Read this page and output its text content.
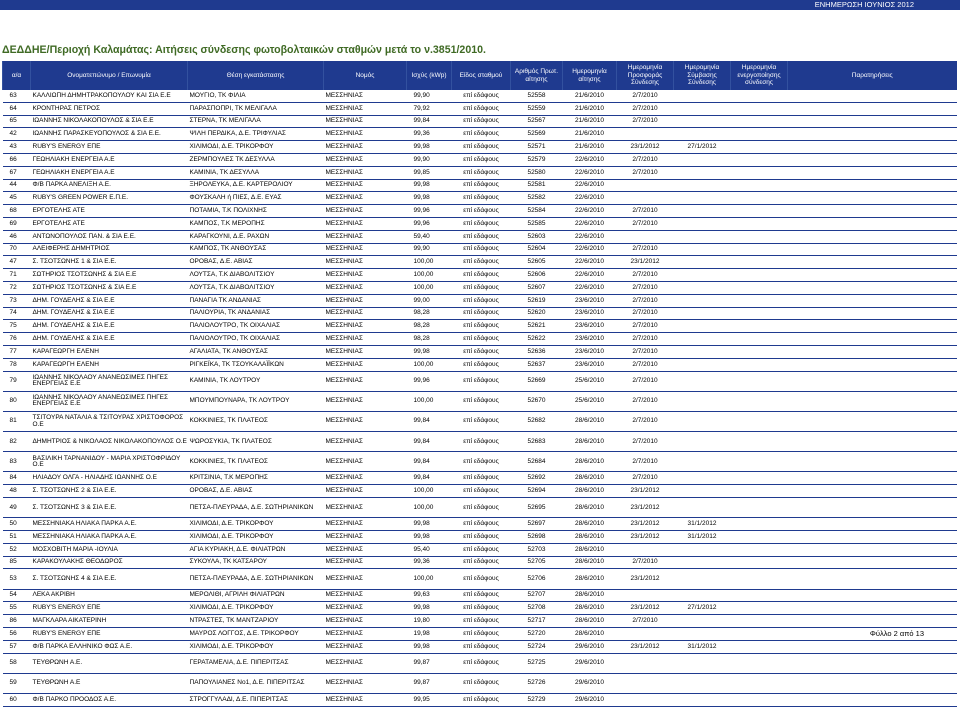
ΕΝΗΜΕΡΩΣΗ ΙΟΥΝΙΟΣ 2012
ΔΕΔΔΗΕ/Περιοχή Καλαμάτας: Αιτήσεις σύνδεσης φωτοβολταικών σταθμών μετά το ν.3851/2010.
α/α	Ονοματεπώνυμο / Επωνυμία	Θέση εγκατάστασης	Νομός	Ισχύς (kWp)	Είδος σταθμού	Αριθμός Πρωτ. αίτησης	Ημερομηνία αίτησης	Ημερομηνία Προσφοράς Σύνδεσης	Ημερομηνία Σύμβασης Σύνδεσης	Ημερομηνία ενεργοποίησης σύνδεσης	Παρατηρήσεις
63	ΚΑΛΛΙΩΠΗ ΔΗΜΗΤΡΑΚΟΠΟΥΛΟΥ ΚΑΙ ΣΙΑ Ε.Ε	ΜΟΥΓΙΟ, ΤΚ ΦΙΛΙΑ	ΜΕΣΣΗΝΙΑΣ	99,90	επί εδάφους	52558	21/6/2010	2/7/2010			
64	ΚΡΟΝΤΗΡΑΣ ΠΕΤΡΟΣ	ΠΑΡΑΣΠΟΠΡΙ, ΤΚ ΜΕΛΙΓΑΛΑ	ΜΕΣΣΗΝΙΑΣ	79,92	επί εδάφους	52559	21/6/2010	2/7/2010			
65	ΙΩΑΝΝΗΣ ΝΙΚΟΛΑΚΟΠΟΥΛΟΣ & ΣΙΑ Ε.Ε	ΣΤΕΡΝΑ, ΤΚ ΜΕΛΙΓΑΛΑ	ΜΕΣΣΗΝΙΑΣ	99,84	επί εδάφους	52567	21/6/2010	2/7/2010			
42	ΙΩΑΝΝΗΣ ΠΑΡΑΣΚΕΥΟΠΟΥΛΟΣ & ΣΙΑ Ε.Ε.	ΨΙΛΗ ΠΕΡΔΙΚΑ, Δ.Ε. ΤΡΙΦΥΛΙΑΣ	ΜΕΣΣΗΝΙΑΣ	99,36	επί εδάφους	52569	21/6/2010				
43	RUBY'S ENERGY ΕΠΕ	ΧΙΛΙΜΟΔΙ, Δ.Ε. ΤΡΙΚΟΡΦΟΥ	ΜΕΣΣΗΝΙΑΣ	99,98	επί εδάφους	52571	21/6/2010	23/1/2012	27/1/2012		
66	ΓΕΩΗΛΙΑΚΗ ΕΝΕΡΓΕΙΑ Α.Ε	ΖΕΡΜΠΟΥΛΕΣ ΤΚ ΔΕΣΥΛΛΑ	ΜΕΣΣΗΝΙΑΣ	99,90	επί εδάφους	52579	22/6/2010	2/7/2010			
67	ΓΕΩΗΛΙΑΚΗ ΕΝΕΡΓΕΙΑ Α.Ε	ΚΑΜΙΝΙΑ, ΤΚ ΔΕΣΥΛΛΑ	ΜΕΣΣΗΝΙΑΣ	99,85	επί εδάφους	52580	22/6/2010	2/7/2010			
44	Φ/Β ΠΑΡΚΑ ΑΝΕΛΙΞΗ Α.Ε.	ΞΗΡΟΛΕΥΚΑ, Δ.Ε. ΚΑΡΤΕΡΟΛΙΟΥ	ΜΕΣΣΗΝΙΑΣ	99,98	επί εδάφους	52581	22/6/2010				
45	RUBY'S GREEN POWER Ε.Π.Ε.	ΦΟΥΣΚΑΛΗ ή ΠΙΕΣ, Δ.Ε. ΕΥΑΣ	ΜΕΣΣΗΝΙΑΣ	99,98	επί εδάφους	52582	22/6/2010				
68	ΕΡΓΟΤΕΛΗΣ ΑΤΕ	ΠΟΤΑΜΙΑ, Τ.Κ ΠΟΛΙΧΝΗΣ	ΜΕΣΣΗΝΙΑΣ	99,96	επί εδάφους	52584	22/6/2010	2/7/2010			
69	ΕΡΓΟΤΕΛΗΣ ΑΤΕ	ΚΑΜΠΟΣ, Τ.Κ ΜΕΡΟΠΗΣ	ΜΕΣΣΗΝΙΑΣ	99,96	επί εδάφους	52585	22/6/2010	2/7/2010			
46	ΑΝΤΩΝΟΠΟΥΛΟΣ ΠΑΝ. & ΣΙΑ Ε.Ε.	ΚΑΡΑΓΚΟΥΝΙ, Δ.Ε. ΡΑΧΩΝ	ΜΕΣΣΗΝΙΑΣ	59,40	επί εδάφους	52603	22/6/2010				
70	ΑΛΕΙΦΕΡΗΣ ΔΗΜΗΤΡΙΟΣ	ΚΑΜΠΟΣ, ΤΚ ΑΝΘΟΥΣΑΣ	ΜΕΣΣΗΝΙΑΣ	99,90	επί εδάφους	52604	22/6/2010	2/7/2010			
47	Σ. ΤΣΟΤΣΩΝΗΣ 1 & ΣΙΑ Ε.Ε.	ΟΡΟΒΑΣ, Δ.Ε. ΑΒΙΑΣ	ΜΕΣΣΗΝΙΑΣ	100,00	επί εδάφους	52605	22/6/2010	23/1/2012			
71	ΣΩΤΗΡΙΟΣ ΤΣΟΤΣΩΝΗΣ & ΣΙΑ Ε.Ε	ΛΟΥΤΣΑ, Τ.Κ ΔΙΑΒΟΛΙΤΣΙΟΥ	ΜΕΣΣΗΝΙΑΣ	100,00	επί εδάφους	52606	22/6/2010	2/7/2010			
72	ΣΩΤΗΡΙΟΣ ΤΣΟΤΣΩΝΗΣ & ΣΙΑ Ε.Ε	ΛΟΥΤΣΑ, Τ.Κ ΔΙΑΒΟΛΙΤΣΙΟΥ	ΜΕΣΣΗΝΙΑΣ	100,00	επί εδάφους	52607	22/6/2010	2/7/2010			
73	ΔΗΜ. ΓΟΥΔΕΛΗΣ & ΣΙΑ Ε.Ε	ΠΑΝΑΓΙΑ ΤΚ ΑΝΔΑΝΙΑΣ	ΜΕΣΣΗΝΙΑΣ	99,00	επί εδάφους	52619	23/6/2010	2/7/2010			
74	ΔΗΜ. ΓΟΥΔΕΛΗΣ & ΣΙΑ Ε.Ε	ΠΑΛΙΟΥΡΙΑ, ΤΚ ΑΝΔΑΝΙΑΣ	ΜΕΣΣΗΝΙΑΣ	98,28	επί εδάφους	52620	23/6/2010	2/7/2010			
75	ΔΗΜ. ΓΟΥΔΕΛΗΣ & ΣΙΑ Ε.Ε	ΠΑΛΙΟΛΟΥΤΡΟ, ΤΚ ΟΙΧΑΛΙΑΣ	ΜΕΣΣΗΝΙΑΣ	98,28	επί εδάφους	52621	23/6/2010	2/7/2010			
76	ΔΗΜ. ΓΟΥΔΕΛΗΣ & ΣΙΑ Ε.Ε	ΠΑΛΙΟΛΟΥΤΡΟ, ΤΚ ΟΙΧΑΛΙΑΣ	ΜΕΣΣΗΝΙΑΣ	98,28	επί εδάφους	52622	23/6/2010	2/7/2010			
77	ΚΑΡΑΓΕΩΡΓΗ ΕΛΕΝΗ	ΑΓΑΛΙΑΤΑ, ΤΚ ΑΝΘΟΥΣΑΣ	ΜΕΣΣΗΝΙΑΣ	99,98	επί εδάφους	52636	23/6/2010	2/7/2010			
78	ΚΑΡΑΓΕΩΡΓΗ ΕΛΕΝΗ	ΡΙΓΚΕΪΚΑ, ΤΚ ΤΣΟΥΚΑΛΑΪΪΚΩΝ	ΜΕΣΣΗΝΙΑΣ	100,00	επί εδάφους	52637	23/6/2010	2/7/2010			
79	ΙΩΑΝΝΗΣ ΝΙΚΟΛΑΟΥ ΑΝΑΝΕΩΣΙΜΕΣ ΠΗΓΕΣ ΕΝΕΡΓΕΙΑΣ Ε.Ε	ΚΑΜΙΝΙΑ, ΤΚ ΛΟΥΤΡΟΥ	ΜΕΣΣΗΝΙΑΣ	99,96	επί εδάφους	52669	25/6/2010	2/7/2010			
80	ΙΩΑΝΝΗΣ ΝΙΚΟΛΑΟΥ ΑΝΑΝΕΩΣΙΜΕΣ ΠΗΓΕΣ ΕΝΕΡΓΕΙΑΣ Ε.Ε	ΜΠΟΥΜΠΟΥΝΑΡΑ, ΤΚ ΛΟΥΤΡΟΥ	ΜΕΣΣΗΝΙΑΣ	100,00	επί εδάφους	52670	25/6/2010	2/7/2010			
81	ΤΣΙΤΟΥΡΑ ΝΑΤΑΛΙΑ & ΤΣΙΤΟΥΡΑΣ ΧΡΙΣΤΟΦΟΡΟΣ Ο.Ε	ΚΟΚΚΙΝΙΕΣ, ΤΚ ΠΛΑΤΕΟΣ	ΜΕΣΣΗΝΙΑΣ	99,84	επί εδάφους	52682	28/6/2010	2/7/2010			
82	ΔΗΜΗΤΡΙΟΣ & ΝΙΚΟΛΑΟΣ ΝΙΚΟΛΑΚΟΠΟΥΛΟΣ Ο.Ε	ΨΩΡΟΣΥΚΙΑ, ΤΚ ΠΛΑΤΕΟΣ	ΜΕΣΣΗΝΙΑΣ	99,84	επί εδάφους	52683	28/6/2010	2/7/2010			
83	ΒΑΣΙΛΙΚΗ ΤΑΡΝΑΝΙΔΟΥ - ΜΑΡΙΑ ΧΡΙΣΤΟΦΡΙΔΟΥ Ο.Ε	ΚΟΚΚΙΝΙΕΣ, ΤΚ ΠΛΑΤΕΟΣ	ΜΕΣΣΗΝΙΑΣ	99,84	επί εδάφους	52684	28/6/2010	2/7/2010			
84	ΗΛΙΑΔΟΥ ΟΛΓΑ - ΗΛΙΑΔΗΣ ΙΩΑΝΝΗΣ Ο.Ε	ΚΡΙΤΣΙΝΙΑ, Τ.Κ ΜΕΡΟΠΗΣ	ΜΕΣΣΗΝΙΑΣ	99,84	επί εδάφους	52692	28/6/2010	2/7/2010			
48	Σ. ΤΣΟΤΣΩΝΗΣ 2 & ΣΙΑ Ε.Ε.	ΟΡΟΒΑΣ, Δ.Ε. ΑΒΙΑΣ	ΜΕΣΣΗΝΙΑΣ	100,00	επί εδάφους	52694	28/6/2010	23/1/2012			
49	Σ. ΤΣΟΤΣΩΝΗΣ 3 & ΣΙΑ Ε.Ε.	ΠΕΤΣΑ-ΠΛΕΥΡΑΔΑ, Δ.Ε. ΣΩΤΗΡΙΑΝΙΚΩΝ	ΜΕΣΣΗΝΙΑΣ	100,00	επί εδάφους	52695	28/6/2010	23/1/2012			
50	ΜΕΣΣΗΝΙΑΚΑ ΗΛΙΑΚΑ ΠΑΡΚΑ Α.Ε.	ΧΙΛΙΜΟΔΙ, Δ.Ε. ΤΡΙΚΟΡΦΟΥ	ΜΕΣΣΗΝΙΑΣ	99,98	επί εδάφους	52697	28/6/2010	23/1/2012	31/1/2012		
51	ΜΕΣΣΗΝΙΑΚΑ ΗΛΙΑΚΑ ΠΑΡΚΑ Α.Ε.	ΧΙΛΙΜΟΔΙ, Δ.Ε. ΤΡΙΚΟΡΦΟΥ	ΜΕΣΣΗΝΙΑΣ	99,98	επί εδάφους	52698	28/6/2010	23/1/2012	31/1/2012		
52	ΜΟΣΧΟΒΙΤΗ ΜΑΡΙΑ -ΙΟΥΛΙΑ	ΑΓΙΑ ΚΥΡΙΑΚΗ, Δ.Ε. ΦΙΛΙΑΤΡΩΝ	ΜΕΣΣΗΝΙΑΣ	95,40	επί εδάφους	52703	28/6/2010				
85	ΚΑΡΑΚΟΥΛΑΚΗΣ ΘΕΟΔΩΡΟΣ	ΣΥΚΟΥΛΑ, ΤΚ ΚΑΤΣΑΡΟΥ	ΜΕΣΣΗΝΙΑΣ	99,36	επί εδάφους	52705	28/6/2010	2/7/2010			
53	Σ. ΤΣΟΤΣΩΝΗΣ 4 & ΣΙΑ Ε.Ε.	ΠΕΤΣΑ-ΠΛΕΥΡΑΔΑ, Δ.Ε. ΣΩΤΗΡΙΑΝΙΚΩΝ	ΜΕΣΣΗΝΙΑΣ	100,00	επί εδάφους	52706	28/6/2010	23/1/2012			
54	ΛΕΚΑ ΑΚΡΙΒΗ	ΜΕΡΟΛΙΘΙ, ΑΓΡΙΛΗ ΦΙΛΙΑΤΡΩΝ	ΜΕΣΣΗΝΙΑΣ	99,63	επί εδάφους	52707	28/6/2010				
55	RUBY'S ENERGY ΕΠΕ	ΧΙΛΙΜΟΔΙ, Δ.Ε. ΤΡΙΚΟΡΦΟΥ	ΜΕΣΣΗΝΙΑΣ	99,98	επί εδάφους	52708	28/6/2010	23/1/2012	27/1/2012		
86	ΜΑΓΚΛΑΡΑ ΑΙΚΑΤΕΡΙΝΗ	ΝΤΡΑΣΤΕΣ, ΤΚ ΜΑΝΤΖΑΡΙΟΥ	ΜΕΣΣΗΝΙΑΣ	19,80	επί εδάφους	52717	28/6/2010	2/7/2010			
56	RUBY'S ENERGY ΕΠΕ	ΜΑΥΡΟΣ ΛΟΓΓΟΣ, Δ.Ε. ΤΡΙΚΟΡΦΟΥ	ΜΕΣΣΗΝΙΑΣ	19,98	επί εδάφους	52720	28/6/2010				
57	Φ/Β ΠΑΡΚΑ ΕΛΛΗΝΙΚΟ ΦΩΣ Α.Ε.	ΧΙΛΙΜΟΔΙ, Δ.Ε. ΤΡΙΚΟΡΦΟΥ	ΜΕΣΣΗΝΙΑΣ	99,98	επί εδάφους	52724	29/6/2010	23/1/2012	31/1/2012		
58	ΤΕΥΘΡΩΝΗ Α.Ε.	ΓΕΡΑΤΑΜΕΛΙΑ, Δ.Ε. ΠΙΠΕΡΙΤΣΑΣ	ΜΕΣΣΗΝΙΑΣ	99,87	επί εδάφους	52725	29/6/2010				
59	ΤΕΥΘΡΩΝΗ Α.Ε	ΠΑΠΟΥΛΙΑΝΕΣ Νο1, Δ.Ε. ΠΙΠΕΡΙΤΣΑΣ	ΜΕΣΣΗΝΙΑΣ	99,87	επί εδάφους	52726	29/6/2010				
60	Φ/Β ΠΑΡΚΟ ΠΡΟΟΔΟΣ Α.Ε.	ΣΤΡΟΓΓΥΛΑΔΙ, Δ.Ε. ΠΙΠΕΡΙΤΣΑΣ	ΜΕΣΣΗΝΙΑΣ	99,95	επί εδάφους	52729	29/6/2010				
Φύλλο 2 από 13
